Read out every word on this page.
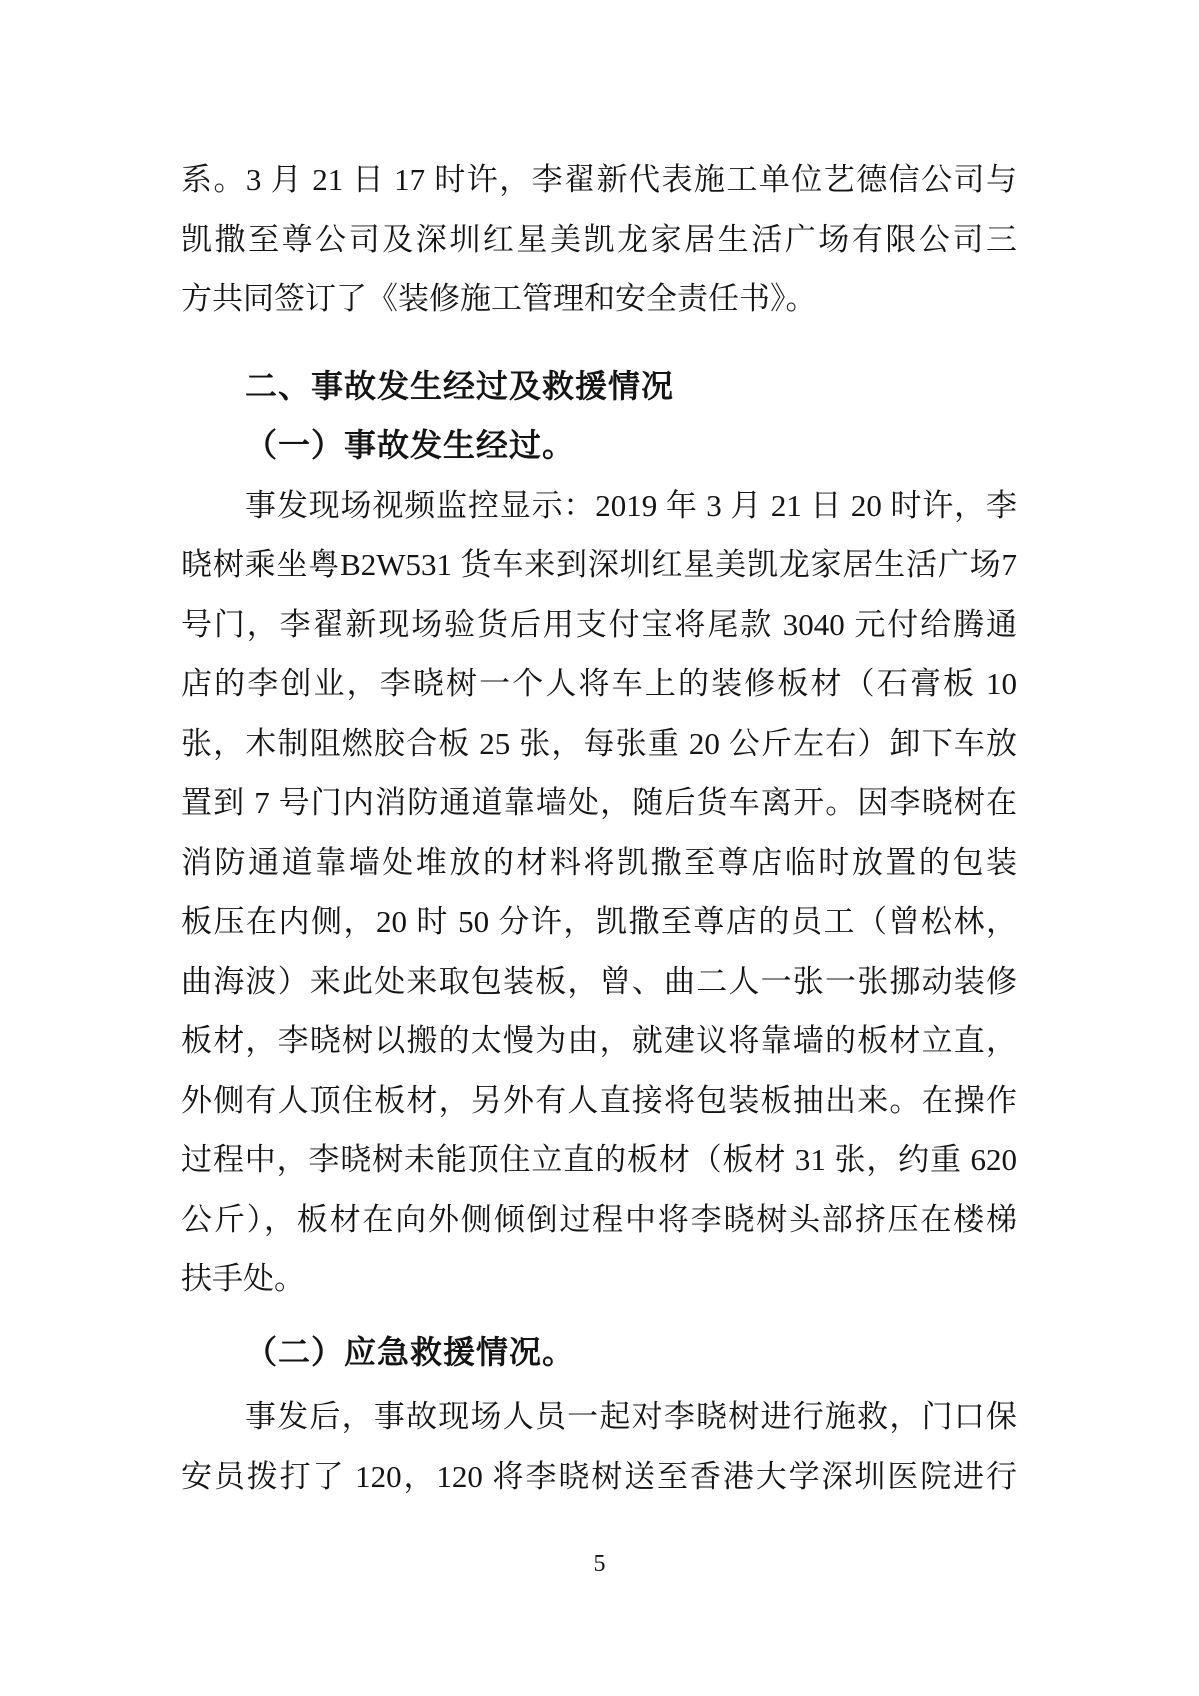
系。3 月 21 日 17 时许，李翟新代表施工单位艺德信公司与
凯撒至尊公司及深圳红星美凯龙家居生活广场有限公司三
方共同签订了《装修施工管理和安全责任书》。
二、事故发生经过及救援情况
（一）事故发生经过。
事发现场视频监控显示：2019 年 3 月 21 日 20 时许，李
晓树乘坐粤B2W531 货车来到深圳红星美凯龙家居生活广场7
号门，李翟新现场验货后用支付宝将尾款 3040 元付给腾通
店的李创业，李晓树一个人将车上的装修板材（石膏板 10
张，木制阻燃胶合板 25 张，每张重 20 公斤左右）卸下车放
置到 7 号门内消防通道靠墙处，随后货车离开。因李晓树在
消防通道靠墙处堆放的材料将凯撒至尊店临时放置的包装
板压在内侧，20 时 50 分许，凯撒至尊店的员工（曾松林，
曲海波）来此处来取包装板，曾、曲二人一张一张挪动装修
板材，李晓树以搬的太慢为由，就建议将靠墙的板材立直，
外侧有人顶住板材，另外有人直接将包装板抽出来。在操作
过程中，李晓树未能顶住立直的板材（板材 31 张，约重 620
公斤），板材在向外侧倾倒过程中将李晓树头部挤压在楼梯
扶手处。
（二）应急救援情况。
事发后，事故现场人员一起对李晓树进行施救，门口保
安员拨打了 120，120 将李晓树送至香港大学深圳医院进行
5
